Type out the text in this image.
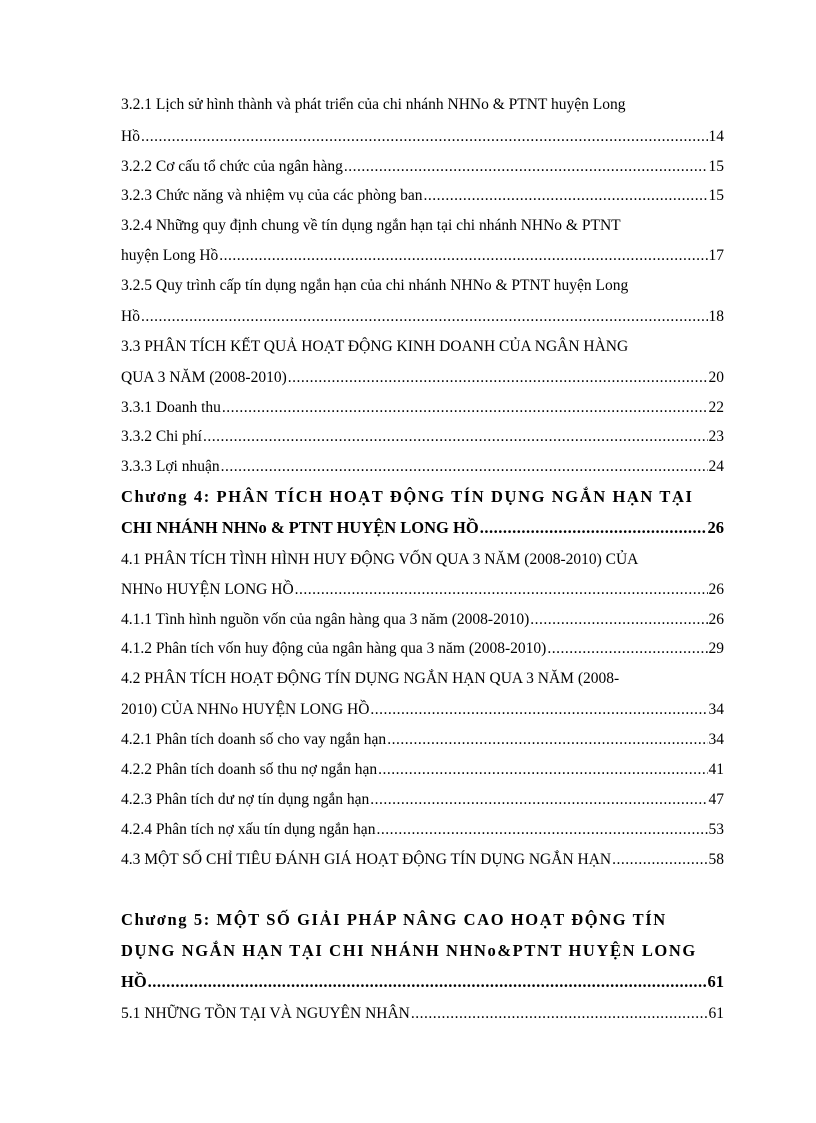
3.2.1 Lịch sử hình thành và phát triển của chi nhánh NHNo & PTNT huyện Long
Hồ .....	14
3.2.2 Cơ cấu tổ chức của ngân hàng .....	15
3.2.3 Chức năng và nhiệm vụ của các phòng ban .....	15
3.2.4 Những quy định chung về tín dụng ngắn hạn tại chi nhánh NHNo & PTNT
huyện Long Hồ .....	17
3.2.5 Quy trình cấp tín dụng ngắn hạn của chi nhánh NHNo & PTNT huyện Long
Hồ .....	18
3.3 PHÂN TÍCH KẾT QUẢ HOẠT ĐỘNG KINH DOANH CỦA NGÂN HÀNG
QUA 3 NĂM (2008-2010) .....	20
3.3.1 Doanh thu .....	22
3.3.2 Chi phí .....	23
3.3.3 Lợi nhuận .....	24
Chương 4: PHÂN TÍCH HOẠT ĐỘNG TÍN DỤNG NGẮN HẠN TẠI
CHI NHÁNH NHNo & PTNT HUYỆN LONG HỒ .....	26
4.1 PHÂN TÍCH TÌNH HÌNH HUY ĐỘNG VỐN QUA 3 NĂM (2008-2010) CỦA
NHNo HUYỆN LONG HỒ .....	26
4.1.1 Tình hình nguồn vốn của ngân hàng qua 3 năm (2008-2010) .....	26
4.1.2 Phân tích vốn huy động của ngân hàng qua 3 năm (2008-2010) .....	29
4.2 PHÂN TÍCH HOẠT ĐỘNG TÍN DỤNG NGẮN HẠN QUA 3 NĂM (2008-
2010) CỦA NHNo HUYỆN LONG HỒ .....	34
4.2.1 Phân tích doanh số cho vay ngắn hạn .....	34
4.2.2 Phân tích doanh số thu nợ ngắn hạn .....	41
4.2.3 Phân tích dư nợ tín dụng ngắn hạn .....	47
4.2.4 Phân tích nợ xấu tín dụng ngắn hạn .....	53
4.3 MỘT SỐ CHỈ TIÊU ĐÁNH GIÁ HOẠT ĐỘNG TÍN DỤNG NGẮN HẠN .....	58
Chương 5: MỘT SỐ GIẢI PHÁP NÂNG CAO HOẠT ĐỘNG TÍN
DỤNG NGẮN HẠN TẠI CHI NHÁNH NHNo&PTNT HUYỆN LONG
HỒ .....	61
5.1 NHỮNG TỒN TẠI VÀ NGUYÊN NHÂN .....	61
